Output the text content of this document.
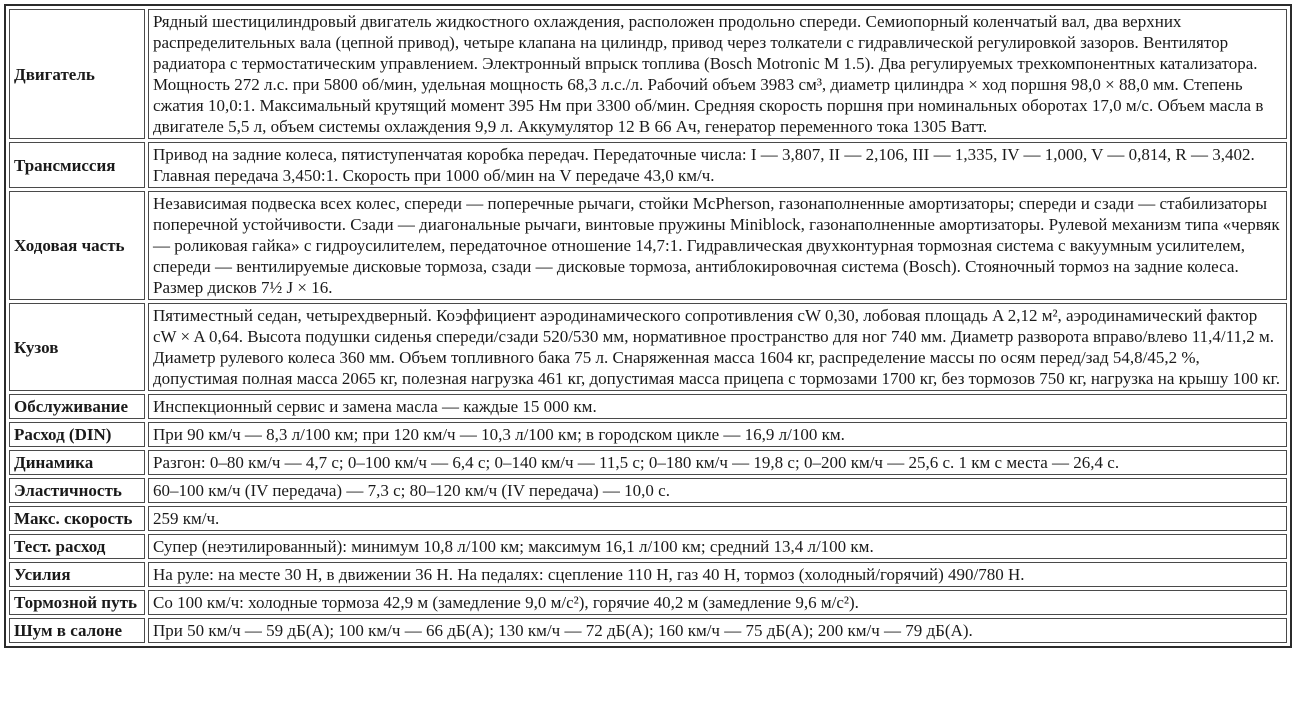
Двигатель	Рядный шестицилиндровый двигатель жидкостного охлаждения, расположен продольно спереди. Семиопорный коленчатый вал, два верхних распределительных вала (цепной привод), четыре клапана на цилиндр, привод через толкатели с гидравлической регулировкой зазоров. Вентилятор радиатора с термостатическим управлением. Электронный впрыск топлива (Bosch Motronic M 1.5). Два регулируемых трехкомпонентных катализатора. Мощность 272 л.с. при 5800 об/мин, удельная мощность 68,3 л.с./л. Рабочий объем 3983 см³, диаметр цилиндра × ход поршня 98,0 × 88,0 мм. Степень сжатия 10,0:1. Максимальный крутящий момент 395 Нм при 3300 об/мин. Средняя скорость поршня при номинальных оборотах 17,0 м/с. Объем масла в двигателе 5,5 л, объем системы охлаждения 9,9 л. Аккумулятор 12 В 66 Ач, генератор переменного тока 1305 Ватт.
Трансмиссия	Привод на задние колеса, пятиступенчатая коробка передач. Передаточные числа: I — 3,807, II — 2,106, III — 1,335, IV — 1,000, V — 0,814, R — 3,402. Главная передача 3,450:1. Скорость при 1000 об/мин на V передаче 43,0 км/ч.
Ходовая часть	Независимая подвеска всех колес, спереди — поперечные рычаги, стойки McPherson, газонаполненные амортизаторы; спереди и сзади — стабилизаторы поперечной устойчивости. Сзади — диагональные рычаги, винтовые пружины Miniblock, газонаполненные амортизаторы. Рулевой механизм типа «червяк — роликовая гайка» с гидроусилителем, передаточное отношение 14,7:1. Гидравлическая двухконтурная тормозная система с вакуумным усилителем, спереди — вентилируемые дисковые тормоза, сзади — дисковые тормоза, антиблокировочная система (Bosch). Стояночный тормоз на задние колеса. Размер дисков 7½ J × 16.
Кузов	Пятиместный седан, четырехдверный. Коэффициент аэродинамического сопротивления cW 0,30, лобовая площадь A 2,12 м², аэродинамический фактор cW × A 0,64. Высота подушки сиденья спереди/сзади 520/530 мм, нормативное пространство для ног 740 мм. Диаметр разворота вправо/влево 11,4/11,2 м. Диаметр рулевого колеса 360 мм. Объем топливного бака 75 л. Снаряженная масса 1604 кг, распределение массы по осям перед/зад 54,8/45,2 %, допустимая полная масса 2065 кг, полезная нагрузка 461 кг, допустимая масса прицепа с тормозами 1700 кг, без тормозов 750 кг, нагрузка на крышу 100 кг.
Обслуживание	Инспекционный сервис и замена масла — каждые 15 000 км.
Расход (DIN)	При 90 км/ч — 8,3 л/100 км; при 120 км/ч — 10,3 л/100 км; в городском цикле — 16,9 л/100 км.
Динамика	Разгон: 0–80 км/ч — 4,7 с; 0–100 км/ч — 6,4 с; 0–140 км/ч — 11,5 с; 0–180 км/ч — 19,8 с; 0–200 км/ч — 25,6 с. 1 км с места — 26,4 с.
Эластичность	60–100 км/ч (IV передача) — 7,3 с; 80–120 км/ч (IV передача) — 10,0 с.
Макс. скорость	259 км/ч.
Тест. расход	Супер (неэтилированный): минимум 10,8 л/100 км; максимум 16,1 л/100 км; средний 13,4 л/100 км.
Усилия	На руле: на месте 30 Н, в движении 36 Н. На педалях: сцепление 110 Н, газ 40 Н, тормоз (холодный/горячий) 490/780 Н.
Тормозной путь	Со 100 км/ч: холодные тормоза 42,9 м (замедление 9,0 м/с²), горячие 40,2 м (замедление 9,6 м/с²).
Шум в салоне	При 50 км/ч — 59 дБ(А); 100 км/ч — 66 дБ(А); 130 км/ч — 72 дБ(А); 160 км/ч — 75 дБ(А); 200 км/ч — 79 дБ(А).
